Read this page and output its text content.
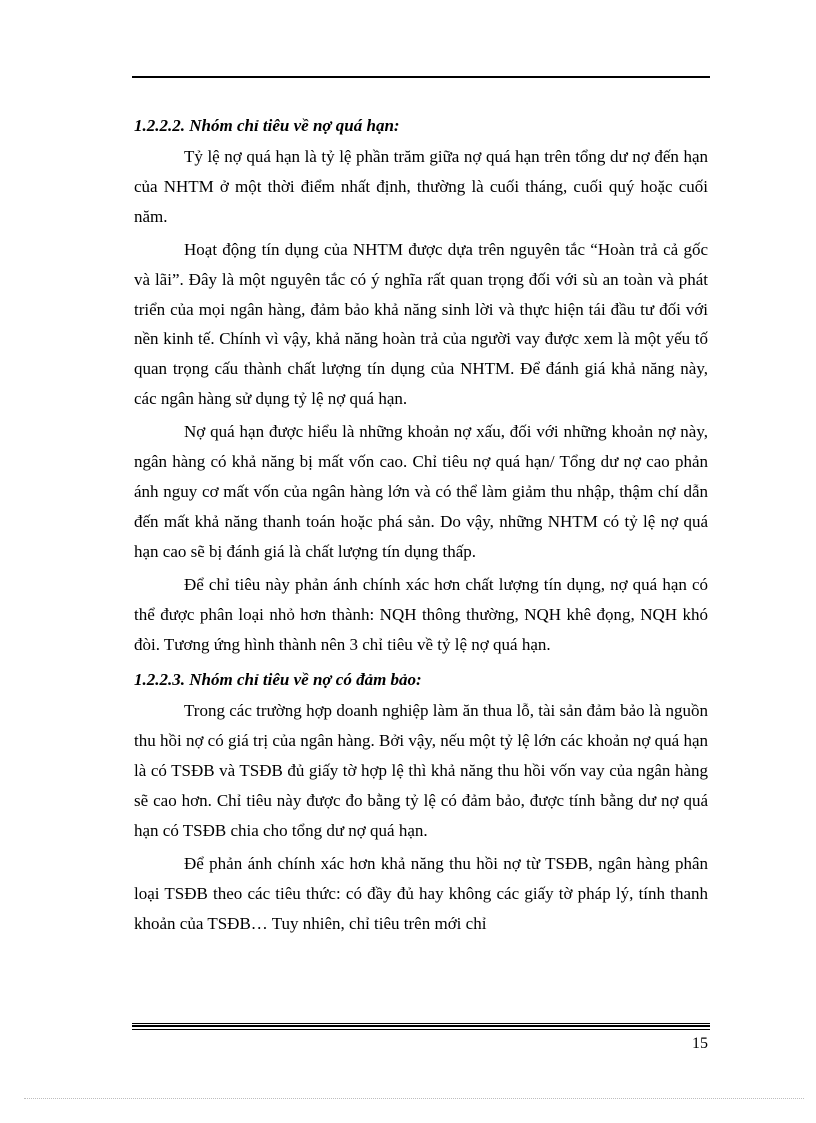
1.2.2.2. Nhóm chỉ tiêu về nợ quá hạn:

Tỷ lệ nợ quá hạn là tỷ lệ phần trăm giữa nợ quá hạn trên tổng dư nợ đến hạn của NHTM ở một thời điểm nhất định, thường là cuối tháng, cuối quý hoặc cuối năm.

Hoạt động tín dụng của NHTM được dựa trên nguyên tắc “Hoàn trả cả gốc và lãi”. Đây là một nguyên tắc có ý nghĩa rất quan trọng đối với sù an toàn và phát triển của mọi ngân hàng, đảm bảo khả năng sinh lời và thực hiện tái đầu tư đối với nền kinh tế. Chính vì vậy, khả năng hoàn trả của người vay được xem là một yếu tố quan trọng cấu thành chất lượng tín dụng của NHTM. Để đánh giá khả năng này, các ngân hàng sử dụng tỷ lệ nợ quá hạn.

Nợ quá hạn được hiểu là những khoản nợ xấu, đối với những khoản nợ này, ngân hàng có khả năng bị mất vốn cao. Chỉ tiêu nợ quá hạn/ Tổng dư nợ cao phản ánh nguy cơ mất vốn của ngân hàng lớn và có thể làm giảm thu nhập, thậm chí dẫn đến mất khả năng thanh toán hoặc phá sản. Do vậy, những NHTM có tỷ lệ nợ quá hạn cao sẽ bị đánh giá là chất lượng tín dụng thấp.

Để chỉ tiêu này phản ánh chính xác hơn chất lượng tín dụng, nợ quá hạn có thể được phân loại nhỏ hơn thành: NQH thông thường, NQH khê đọng, NQH khó đòi. Tương ứng hình thành nên 3 chỉ tiêu về tỷ lệ nợ quá hạn.

1.2.2.3. Nhóm chỉ tiêu về nợ có đảm bảo:

Trong các trường hợp doanh nghiệp làm ăn thua lỗ, tài sản đảm bảo là nguồn thu hồi nợ có giá trị của ngân hàng. Bởi vậy, nếu một tỷ lệ lớn các khoản nợ quá hạn là có TSĐB và TSĐB đủ giấy tờ hợp lệ thì khả năng thu hồi vốn vay của ngân hàng sẽ cao hơn. Chỉ tiêu này được đo bằng tỷ lệ có đảm bảo, được tính bằng dư nợ quá hạn có TSĐB chia cho tổng dư nợ quá hạn.

Để phản ánh chính xác hơn khả năng thu hồi nợ từ TSĐB, ngân hàng phân loại TSĐB theo các tiêu thức: có đầy đủ hay không các giấy tờ pháp lý, tính thanh khoản của TSĐB… Tuy nhiên, chỉ tiêu trên mới chỉ

15
